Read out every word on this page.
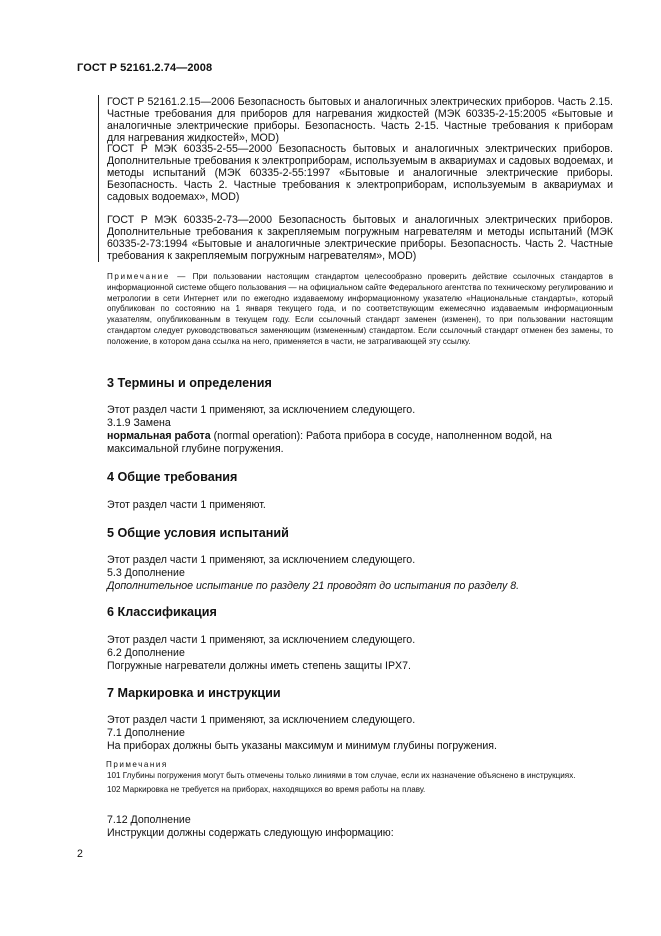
ГОСТ Р 52161.2.74—2008

ГОСТ Р 52161.2.15—2006 Безопасность бытовых и аналогичных электрических приборов. Часть 2.15. Частные требования для приборов для нагревания жидкостей (МЭК 60335-2-15:2005 «Бытовые и аналогичные электрические приборы. Безопасность. Часть 2-15. Частные требования к приборам для нагревания жидкостей», MOD)

ГОСТ Р МЭК 60335-2-55—2000 Безопасность бытовых и аналогичных электрических приборов. Дополнительные требования к электроприборам, используемым в аквариумах и садовых водоемах, и методы испытаний (МЭК 60335-2-55:1997 «Бытовые и аналогичные электрические приборы. Безопасность. Часть 2. Частные требования к электроприборам, используемым в аквариумах и садовых водоемах», MOD)

ГОСТ Р МЭК 60335-2-73—2000 Безопасность бытовых и аналогичных электрических приборов. Дополнительные требования к закрепляемым погружным нагревателям и методы испытаний (МЭК 60335-2-73:1994 «Бытовые и аналогичные электрические приборы. Безопасность. Часть 2. Частные требования к закрепляемым погружным нагревателям», MOD)

Примечание — При пользовании настоящим стандартом целесообразно проверить действие ссылочных стандартов в информационной системе общего пользования — на официальном сайте Федерального агентства по техническому регулированию и метрологии в сети Интернет или по ежегодно издаваемому информационному указателю «Национальные стандарты», который опубликован по состоянию на 1 января текущего года, и по соответствующим ежемесячно издаваемым информационным указателям, опубликованным в текущем году. Если ссылочный стандарт заменен (изменен), то при пользовании настоящим стандартом следует руководствоваться заменяющим (измененным) стандартом. Если ссылочный стандарт отменен без замены, то положение, в котором дана ссылка на него, применяется в части, не затрагивающей эту ссылку.

3 Термины и определения

Этот раздел части 1 применяют, за исключением следующего.

3.1.9 Замена

нормальная работа (normal operation): Работа прибора в сосуде, наполненном водой, на максимальной глубине погружения.

4 Общие требования

Этот раздел части 1 применяют.

5 Общие условия испытаний

Этот раздел части 1 применяют, за исключением следующего.

5.3 Дополнение

Дополнительное испытание по разделу 21 проводят до испытания по разделу 8.

6 Классификация

Этот раздел части 1 применяют, за исключением следующего.

6.2 Дополнение

Погружные нагреватели должны иметь степень защиты IPX7.

7 Маркировка и инструкции

Этот раздел части 1 применяют, за исключением следующего.

7.1 Дополнение

На приборах должны быть указаны максимум и минимум глубины погружения.

Примечания

101 Глубины погружения могут быть отмечены только линиями в том случае, если их назначение объяснено в инструкциях.

102 Маркировка не требуется на приборах, находящихся во время работы на плаву.

7.12 Дополнение

Инструкции должны содержать следующую информацию:

2
